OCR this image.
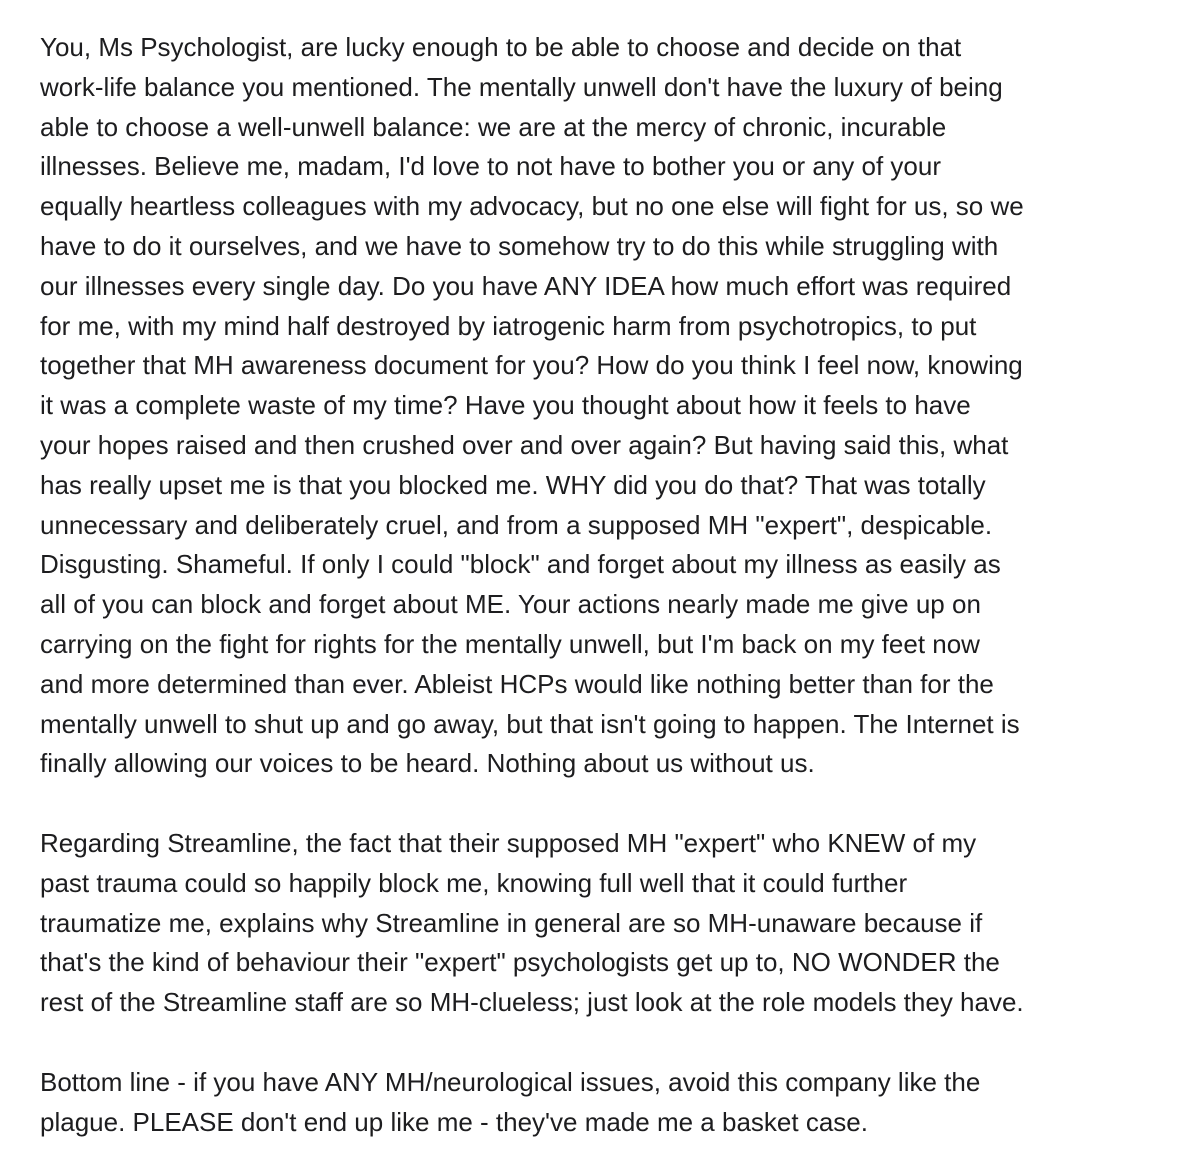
You, Ms Psychologist, are lucky enough to be able to choose and decide on that
work-life balance you mentioned. The mentally unwell don't have the luxury of being
able to choose a well-unwell balance: we are at the mercy of chronic, incurable
illnesses. Believe me, madam, I'd love to not have to bother you or any of your
equally heartless colleagues with my advocacy, but no one else will fight for us, so we
have to do it ourselves, and we have to somehow try to do this while struggling with
our illnesses every single day. Do you have ANY IDEA how much effort was required
for me, with my mind half destroyed by iatrogenic harm from psychotropics, to put
together that MH awareness document for you? How do you think I feel now, knowing
it was a complete waste of my time? Have you thought about how it feels to have
your hopes raised and then crushed over and over again? But having said this, what
has really upset me is that you blocked me. WHY did you do that? That was totally
unnecessary and deliberately cruel, and from a supposed MH "expert", despicable.
Disgusting. Shameful. If only I could "block" and forget about my illness as easily as
all of you can block and forget about ME. Your actions nearly made me give up on
carrying on the fight for rights for the mentally unwell, but I'm back on my feet now
and more determined than ever. Ableist HCPs would like nothing better than for the
mentally unwell to shut up and go away, but that isn't going to happen. The Internet is
finally allowing our voices to be heard. Nothing about us without us.
Regarding Streamline, the fact that their supposed MH "expert" who KNEW of my
past trauma could so happily block me, knowing full well that it could further
traumatize me, explains why Streamline in general are so MH-unaware because if
that's the kind of behaviour their "expert" psychologists get up to, NO WONDER the
rest of the Streamline staff are so MH-clueless; just look at the role models they have.
Bottom line - if you have ANY MH/neurological issues, avoid this company like the
plague. PLEASE don't end up like me - they've made me a basket case.
